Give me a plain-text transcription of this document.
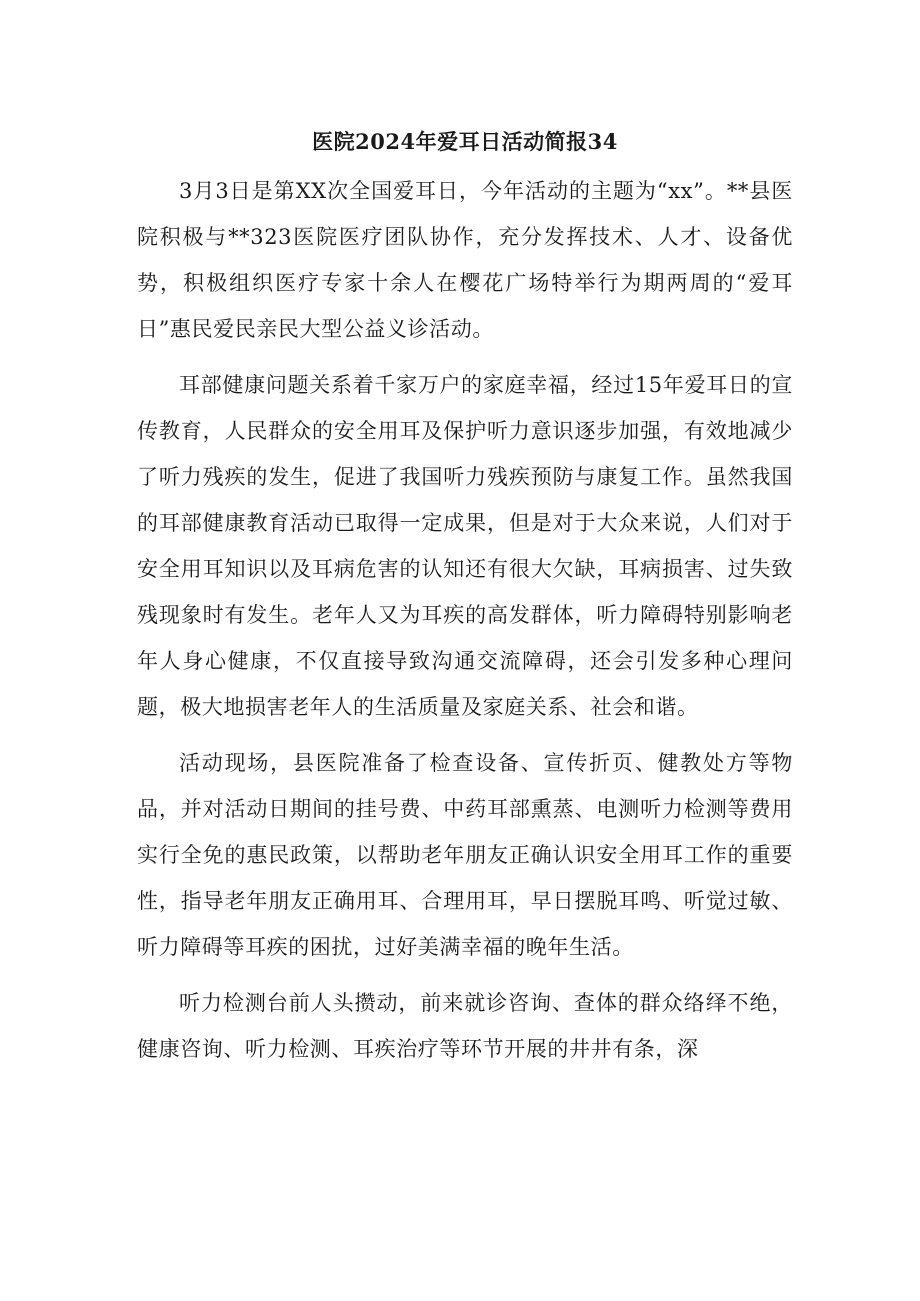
医院2024年爱耳日活动简报34

3月3日是第XX次全国爱耳日，今年活动的主题为“xx”。**县医院积极与**323医院医疗团队协作，充分发挥技术、人才、设备优势，积极组织医疗专家十余人在樱花广场特举行为期两周的“爱耳日”惠民爱民亲民大型公益义诊活动。

耳部健康问题关系着千家万户的家庭幸福，经过15年爱耳日的宣传教育，人民群众的安全用耳及保护听力意识逐步加强，有效地减少了听力残疾的发生，促进了我国听力残疾预防与康复工作。虽然我国的耳部健康教育活动已取得一定成果，但是对于大众来说，人们对于安全用耳知识以及耳病危害的认知还有很大欠缺，耳病损害、过失致残现象时有发生。老年人又为耳疾的高发群体，听力障碍特别影响老年人身心健康，不仅直接导致沟通交流障碍，还会引发多种心理问题，极大地损害老年人的生活质量及家庭关系、社会和谐。

活动现场，县医院准备了检查设备、宣传折页、健教处方等物品，并对活动日期间的挂号费、中药耳部熏蒸、电测听力检测等费用实行全免的惠民政策，以帮助老年朋友正确认识安全用耳工作的重要性，指导老年朋友正确用耳、合理用耳，早日摆脱耳鸣、听觉过敏、听力障碍等耳疾的困扰，过好美满幸福的晚年生活。

听力检测台前人头攒动，前来就诊咨询、查体的群众络绎不绝，健康咨询、听力检测、耳疾治疗等环节开展的井井有条，深
